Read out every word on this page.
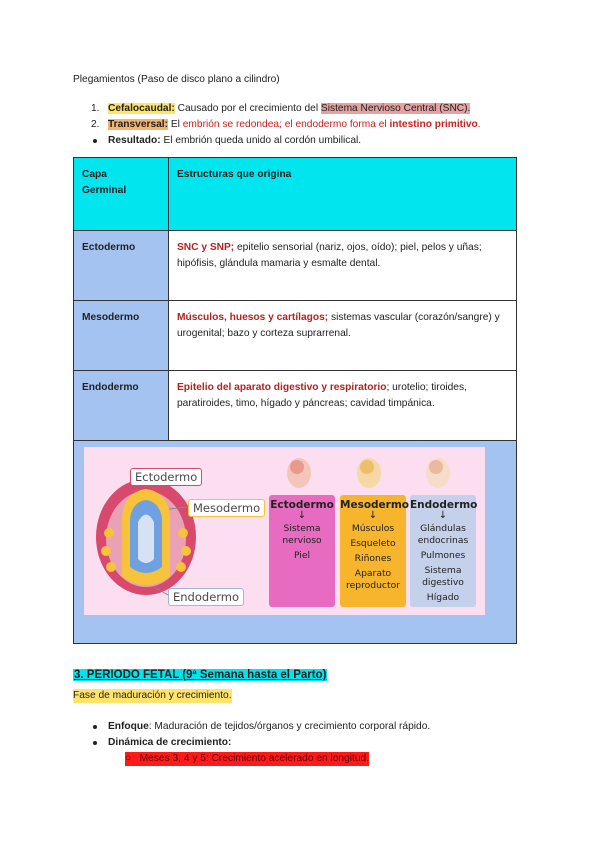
Plegamientos (Paso de disco plano a cilindro)
1. Cefalocaudal: Causado por el crecimiento del Sistema Nervioso Central (SNC).
2. Transversal: El embrión se redondea; el endodermo forma el intestino primitivo.
Resultado: El embrión queda unido al cordón umbilical.
Capa Germinal	Estructuras que origina
Ectodermo	SNC y SNP; epitelio sensorial (nariz, ojos, oído); piel, pelos y uñas; hipófisis, glándula mamaria y esmalte dental.
Mesodermo	Músculos, huesos y cartílagos; sistemas vascular (corazón/sangre) y urogenital; bazo y corteza suprarrenal.
Endodermo	Epitelio del aparato digestivo y respiratorio; urotelio; tiroides, paratiroides, timo, hígado y páncreas; cavidad timpánica.

Ectodermo
Mesodermo
Endodermo
Ectodermo
↓
Sistema
nervioso
Piel
Mesodermo
↓
Músculos
Esqueleto
Riñones
Aparato
reproductor
Endodermo
↓
Glándulas
endocrinas
Pulmones
Sistema
digestivo
Hígado
3. PERIODO FETAL (9ª Semana hasta el Parto)
Fase de maduración y crecimiento.
Enfoque: Maduración de tejidos/órganos y crecimiento corporal rápido.
Dinámica de crecimiento:
○ Meses 3, 4 y 5: Crecimiento acelerado en longitud.
